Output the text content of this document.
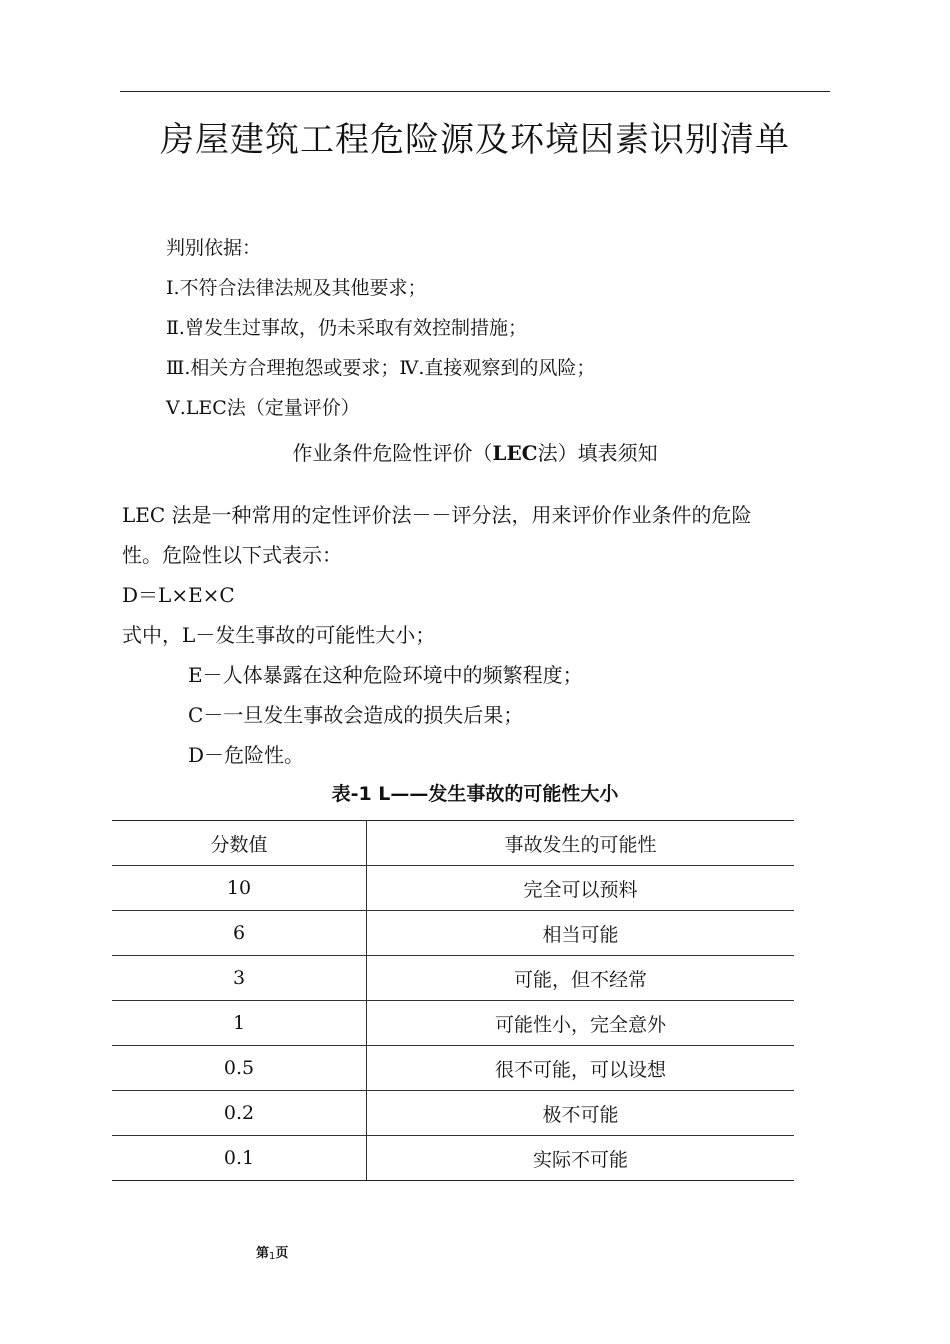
房屋建筑工程危险源及环境因素识别清单
判别依据：
Ⅰ.不符合法律法规及其他要求；
Ⅱ.曾发生过事故，仍未采取有效控制措施；
Ⅲ.相关方合理抱怨或要求；Ⅳ.直接观察到的风险；
Ⅴ.LEC法（定量评价）
作业条件危险性评价（LEC法）填表须知
LEC 法是一种常用的定性评价法－－评分法，用来评价作业条件的危险
性。危险性以下式表示：
D＝L×E×C
式中，L－发生事故的可能性大小；
E－人体暴露在这种危险环境中的频繁程度；
C－一旦发生事故会造成的损失后果；
D－危险性。
表-1 L——发生事故的可能性大小
分数值	事故发生的可能性
10	完全可以预料
6	相当可能
3	可能，但不经常
1	可能性小，完全意外
0.5	很不可能，可以设想
0.2	极不可能
0.1	实际不可能
第1页
